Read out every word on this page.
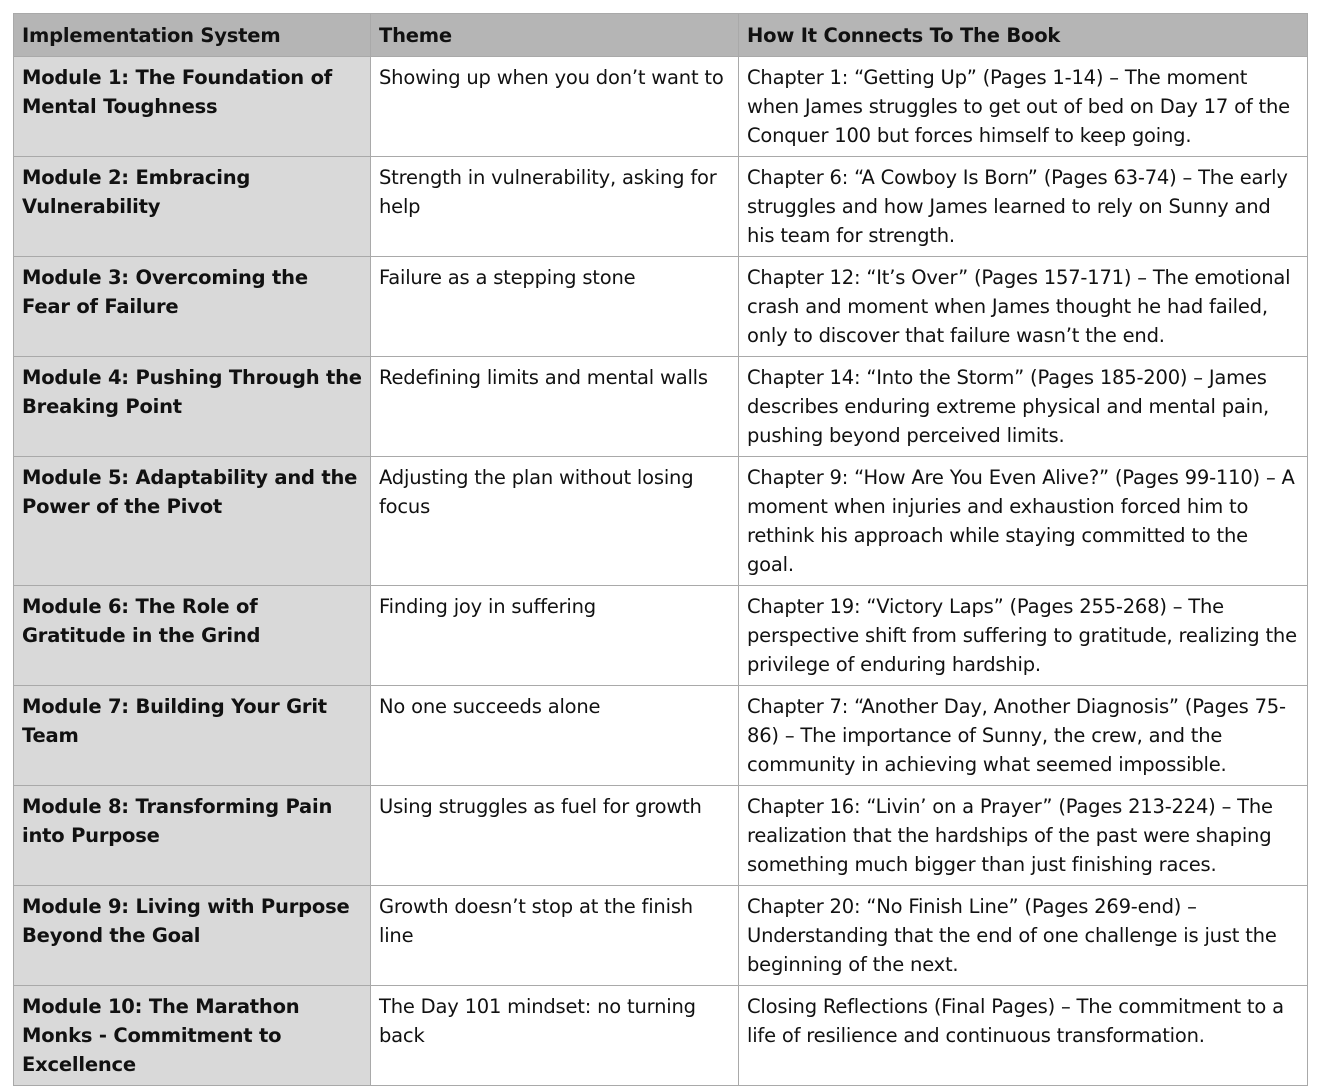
Implementation System	Theme	How It Connects To The Book
Module 1: The Foundation of Mental Toughness	Showing up when you don’t want to	Chapter 1: “Getting Up” (Pages 1-14) – The moment when James struggles to get out of bed on Day 17 of the Conquer 100 but forces himself to keep going.
Module 2: Embracing Vulnerability	Strength in vulnerability, asking for help	Chapter 6: “A Cowboy Is Born” (Pages 63-74) – The early struggles and how James learned to rely on Sunny and his team for strength.
Module 3: Overcoming the Fear of Failure	Failure as a stepping stone	Chapter 12: “It’s Over” (Pages 157-171) – The emotional crash and moment when James thought he had failed, only to discover that failure wasn’t the end.
Module 4: Pushing Through the Breaking Point	Redefining limits and mental walls	Chapter 14: “Into the Storm” (Pages 185-200) – James describes enduring extreme physical and mental pain, pushing beyond perceived limits.
Module 5: Adaptability and the Power of the Pivot	Adjusting the plan without losing focus	Chapter 9: “How Are You Even Alive?” (Pages 99-110) – A moment when injuries and exhaustion forced him to rethink his approach while staying committed to the goal.
Module 6: The Role of Gratitude in the Grind	Finding joy in suffering	Chapter 19: “Victory Laps” (Pages 255-268) – The perspective shift from suffering to gratitude, realizing the privilege of enduring hardship.
Module 7: Building Your Grit Team	No one succeeds alone	Chapter 7: “Another Day, Another Diagnosis” (Pages 75-86) – The importance of Sunny, the crew, and the community in achieving what seemed impossible.
Module 8: Transforming Pain into Purpose	Using struggles as fuel for growth	Chapter 16: “Livin’ on a Prayer” (Pages 213-224) – The realization that the hardships of the past were shaping something much bigger than just finishing races.
Module 9: Living with Purpose Beyond the Goal	Growth doesn’t stop at the finish line	Chapter 20: “No Finish Line” (Pages 269-end) – Understanding that the end of one challenge is just the beginning of the next.
Module 10: The Marathon Monks - Commitment to Excellence	The Day 101 mindset: no turning back	Closing Reflections (Final Pages) – The commitment to a life of resilience and continuous transformation.
